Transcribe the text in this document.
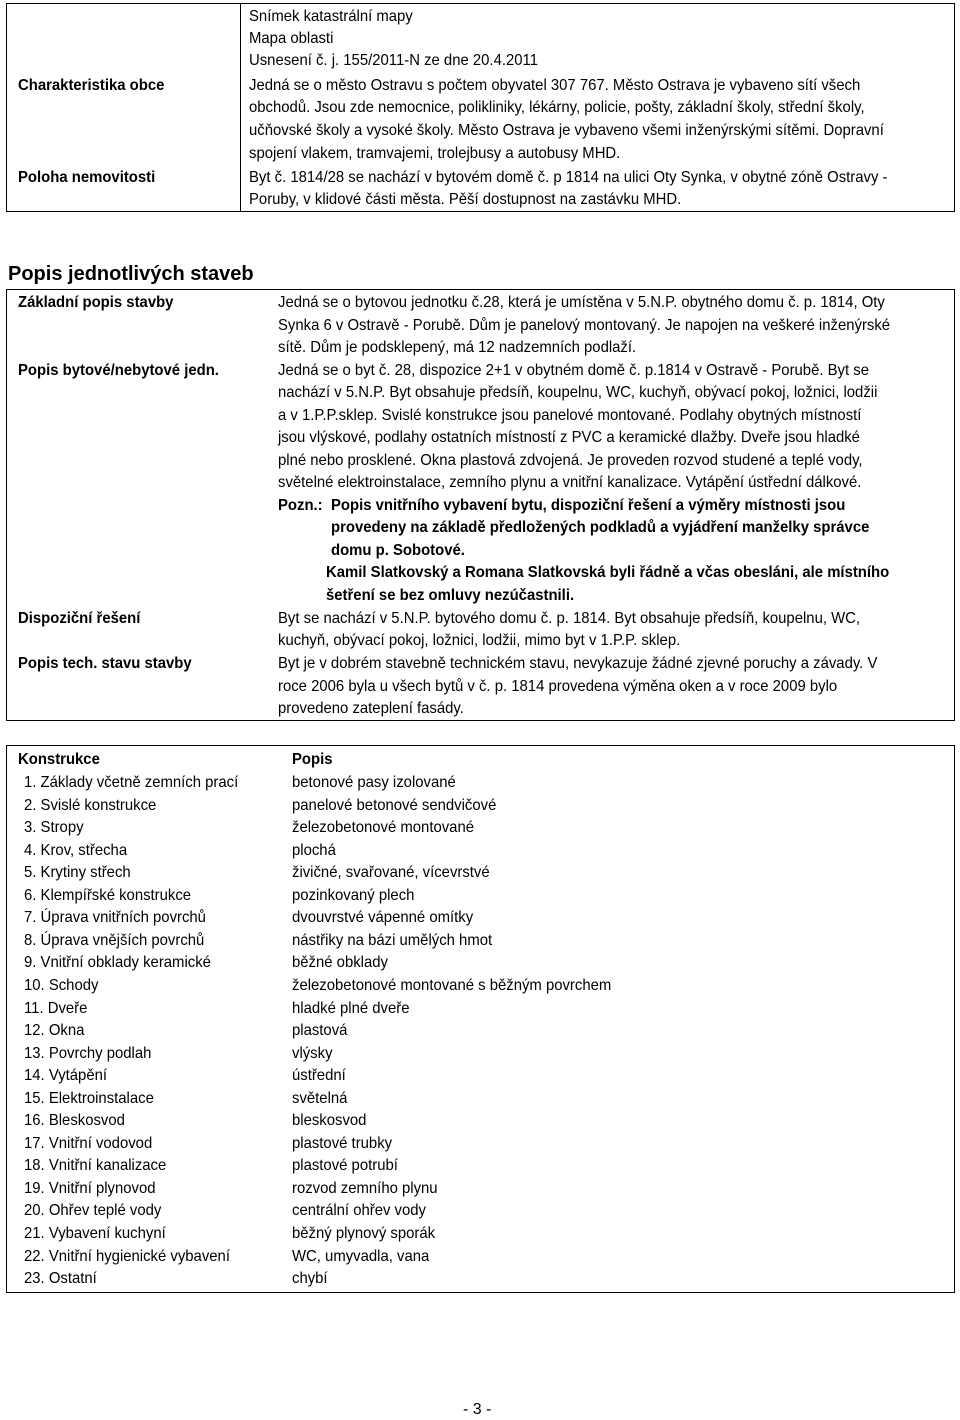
Snímek katastrální mapy
Mapa oblasti
Usnesení č. j. 155/2011-N ze dne 20.4.2011
Charakteristika obce	Jedná se o město Ostravu s počtem obyvatel 307 767. Město Ostrava je vybaveno sítí všech
obchodů. Jsou zde nemocnice, polikliniky, lékárny, policie, pošty, základní školy, střední školy,
učňovské školy a vysoké školy. Město Ostrava je vybaveno všemi inženýrskými sítěmi. Dopravní
spojení vlakem, tramvajemi, trolejbusy a autobusy MHD.
Poloha nemovitosti	Byt č. 1814/28 se nachází v bytovém domě č. p 1814 na ulici Oty Synka, v obytné zóně Ostravy -
Poruby, v klidové části města. Pěší dostupnost na zastávku MHD.
Popis jednotlivých staveb
Základní popis stavby	Jedná se o bytovou jednotku č.28, která je umístěna v 5.N.P. obytného domu č. p. 1814, Oty
Synka 6 v Ostravě - Porubě. Dům je panelový montovaný. Je napojen na veškeré inženýrské
sítě. Dům je podsklepený, má 12 nadzemních podlaží.
Popis bytové/nebytové jedn.	Jedná se o byt č. 28, dispozice 2+1 v obytném domě č. p.1814 v Ostravě - Porubě. Byt se
nachází v 5.N.P. Byt obsahuje předsíň, koupelnu, WC, kuchyň, obývací pokoj, ložnici, lodžii
a v 1.P.P.sklep. Svislé konstrukce jsou panelové montované. Podlahy obytných místností
jsou vlýskové, podlahy ostatních místností z PVC a keramické dlažby. Dveře jsou hladké
plné nebo prosklené. Okna plastová zdvojená. Je proveden rozvod studené a teplé vody,
světelné elektroinstalace, zemního plynu a vnitřní kanalizace. Vytápění ústřední dálkové.
Pozn.: Popis vnitřního vybavení bytu, dispoziční řešení a výměry místnosti jsou
provedeny na základě předložených podkladů a vyjádření manželky správce
domu p. Sobotové.
Kamil Slatkovský a Romana Slatkovská byli řádně a včas obesláni, ale místního
šetření se bez omluvy nezúčastnili.
Dispoziční řešení	Byt se nachází v 5.N.P. bytového domu č. p. 1814. Byt obsahuje předsíň, koupelnu, WC,
kuchyň, obývací pokoj, ložnici, lodžii, mimo byt v 1.P.P. sklep.
Popis tech. stavu stavby	Byt je v dobrém stavebně technickém stavu, nevykazuje žádné zjevné poruchy a závady. V
roce 2006 byla u všech bytů v č. p. 1814 provedena výměna oken a v roce 2009 bylo
provedeno zateplení fasády.
Konstrukce	Popis
1. Základy včetně zemních prací	betonové pasy izolované
2. Svislé konstrukce	panelové betonové sendvičové
3. Stropy	železobetonové montované
4. Krov, střecha	plochá
5. Krytiny střech	živičné, svařované, vícevrstvé
6. Klempířské konstrukce	pozinkovaný plech
7. Úprava vnitřních povrchů	dvouvrstvé vápenné omítky
8. Úprava vnějších povrchů	nástřiky na bázi umělých hmot
9. Vnitřní obklady keramické	běžné obklady
10. Schody	železobetonové montované s běžným povrchem
11. Dveře	hladké plné dveře
12. Okna	plastová
13. Povrchy podlah	vlýsky
14. Vytápění	ústřední
15. Elektroinstalace	světelná
16. Bleskosvod	bleskosvod
17. Vnitřní vodovod	plastové trubky
18. Vnitřní kanalizace	plastové potrubí
19. Vnitřní plynovod	rozvod zemního plynu
20. Ohřev teplé vody	centrální ohřev vody
21. Vybavení kuchyní	běžný plynový sporák
22. Vnitřní hygienické vybavení	WC, umyvadla, vana
23. Ostatní	chybí
- 3 -
